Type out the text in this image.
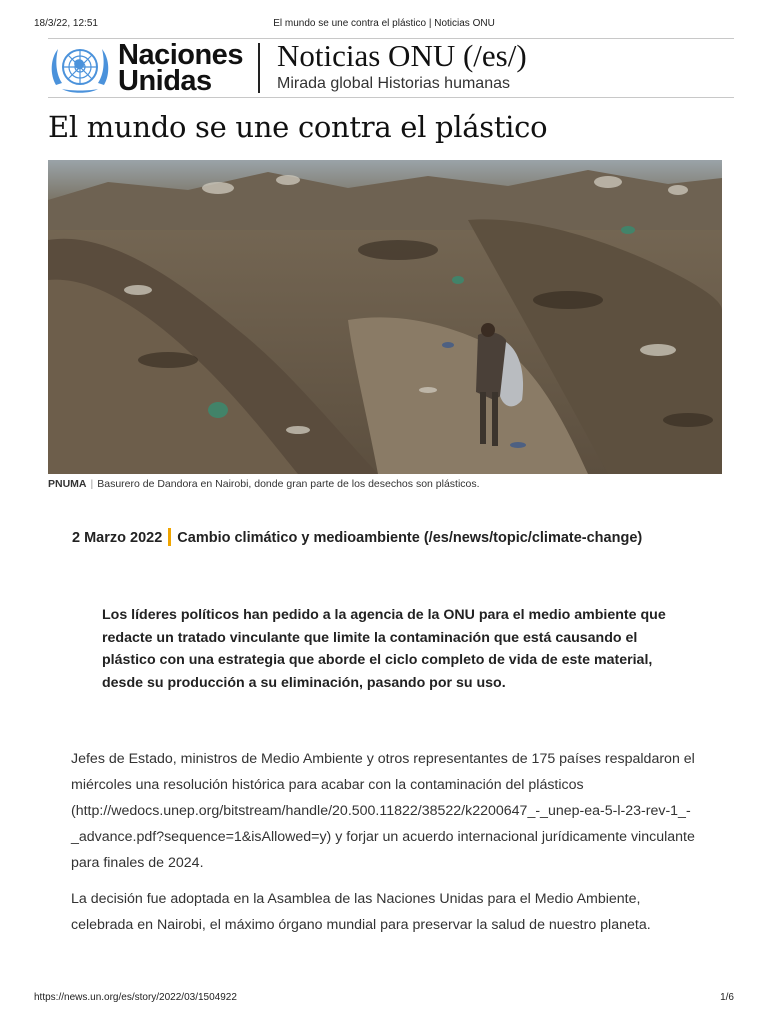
18/3/22, 12:51	El mundo se une contra el plástico | Noticias ONU
Naciones
Unidas
Noticias ONU (/es/)
Mirada global Historias humanas
El mundo se une contra el plástico
PNUMA | Basurero de Dandora en Nairobi, donde gran parte de los desechos son plásticos.
2 Marzo 2022 Cambio climático y medioambiente (/es/news/topic/climate-change)

Los líderes políticos han pedido a la agencia de la ONU para el medio ambiente que redacte un tratado vinculante que limite la contaminación que está causando el plástico con una estrategia que aborde el ciclo completo de vida de este material, desde su producción a su eliminación, pasando por su uso.

Jefes de Estado, ministros de Medio Ambiente y otros representantes de 175 países respaldaron el miércoles una resolución histórica para acabar con la contaminación del plásticos (http://wedocs.unep.org/bitstream/handle/20.500.11822/38522/k2200647_-_unep-ea-5-l-23-rev-1_-_advance.pdf?sequence=1&isAllowed=y) y forjar un acuerdo internacional jurídicamente vinculante para finales de 2024.

La decisión fue adoptada en la Asamblea de las Naciones Unidas para el Medio Ambiente, celebrada en Nairobi, el máximo órgano mundial para preservar la salud de nuestro planeta.

https://news.un.org/es/story/2022/03/1504922	1/6
